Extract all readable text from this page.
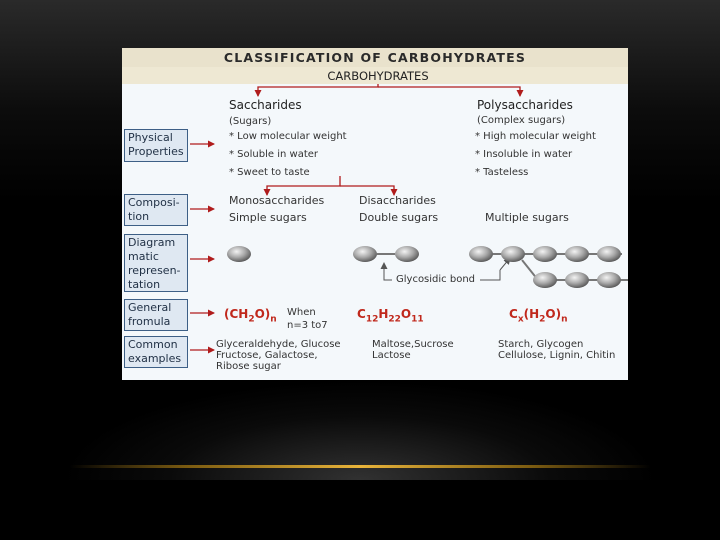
CLASSIFICATION OF CARBOHYDRATES
CARBOHYDRATES
Physical Properties
Composi- tion
Diagram matic represen- tation
General fromula
Common examples
Saccharides
(Sugars)
* Low molecular weight
* Soluble in water
* Sweet to taste
Polysaccharides
(Complex sugars)
* High molecular weight
* Insoluble in water
* Tasteless
Monosaccharides
Simple sugars
Disaccharides
Double sugars	Multiple sugars
Glycosidic bond
$(CH_2O)_n$
When
n=3 to7
$C_{12}H_{22}O_{11}$	$C_x(H_2O)_n$
Glyceraldehyde, Glucose
Fructose, Galactose,
Ribose sugar
Maltose,Sucrose
Lactose
Starch, Glycogen
Cellulose, Lignin, Chitin
